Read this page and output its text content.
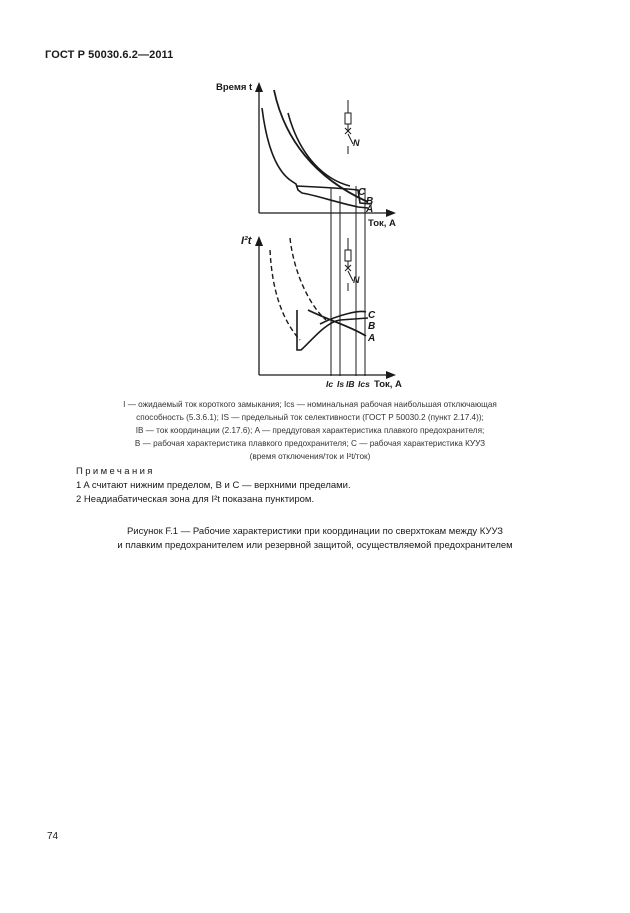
ГОСТ Р 50030.6.2—2011
Время t
Ток, А
C
B
A
N
I²t
C
B
A
N
Ic Is IB Ics Ток, А

I — ожидаемый ток короткого замыкания; Ics — номинальная рабочая наибольшая отключающая

способность (5.3.6.1); IS — предельный ток селективности (ГОСТ Р 50030.2 (пункт 2.17.4));

IB — ток координации (2.17.6); A — преддуговая характеристика плавкого предохранителя;

B — рабочая характеристика плавкого предохранителя; C — рабочая характеристика КУУЗ

(время отключения/ток и I²t/ток)

Примечания
1 A считают нижним пределом, B и C — верхними пределами.
2 Неадиабатическая зона для I²t показана пунктиром.

Рисунок F.1 — Рабочие характеристики при координации по сверхтокам между КУУЗ

и плавким предохранителем или резервной защитой, осуществляемой предохранителем

74
